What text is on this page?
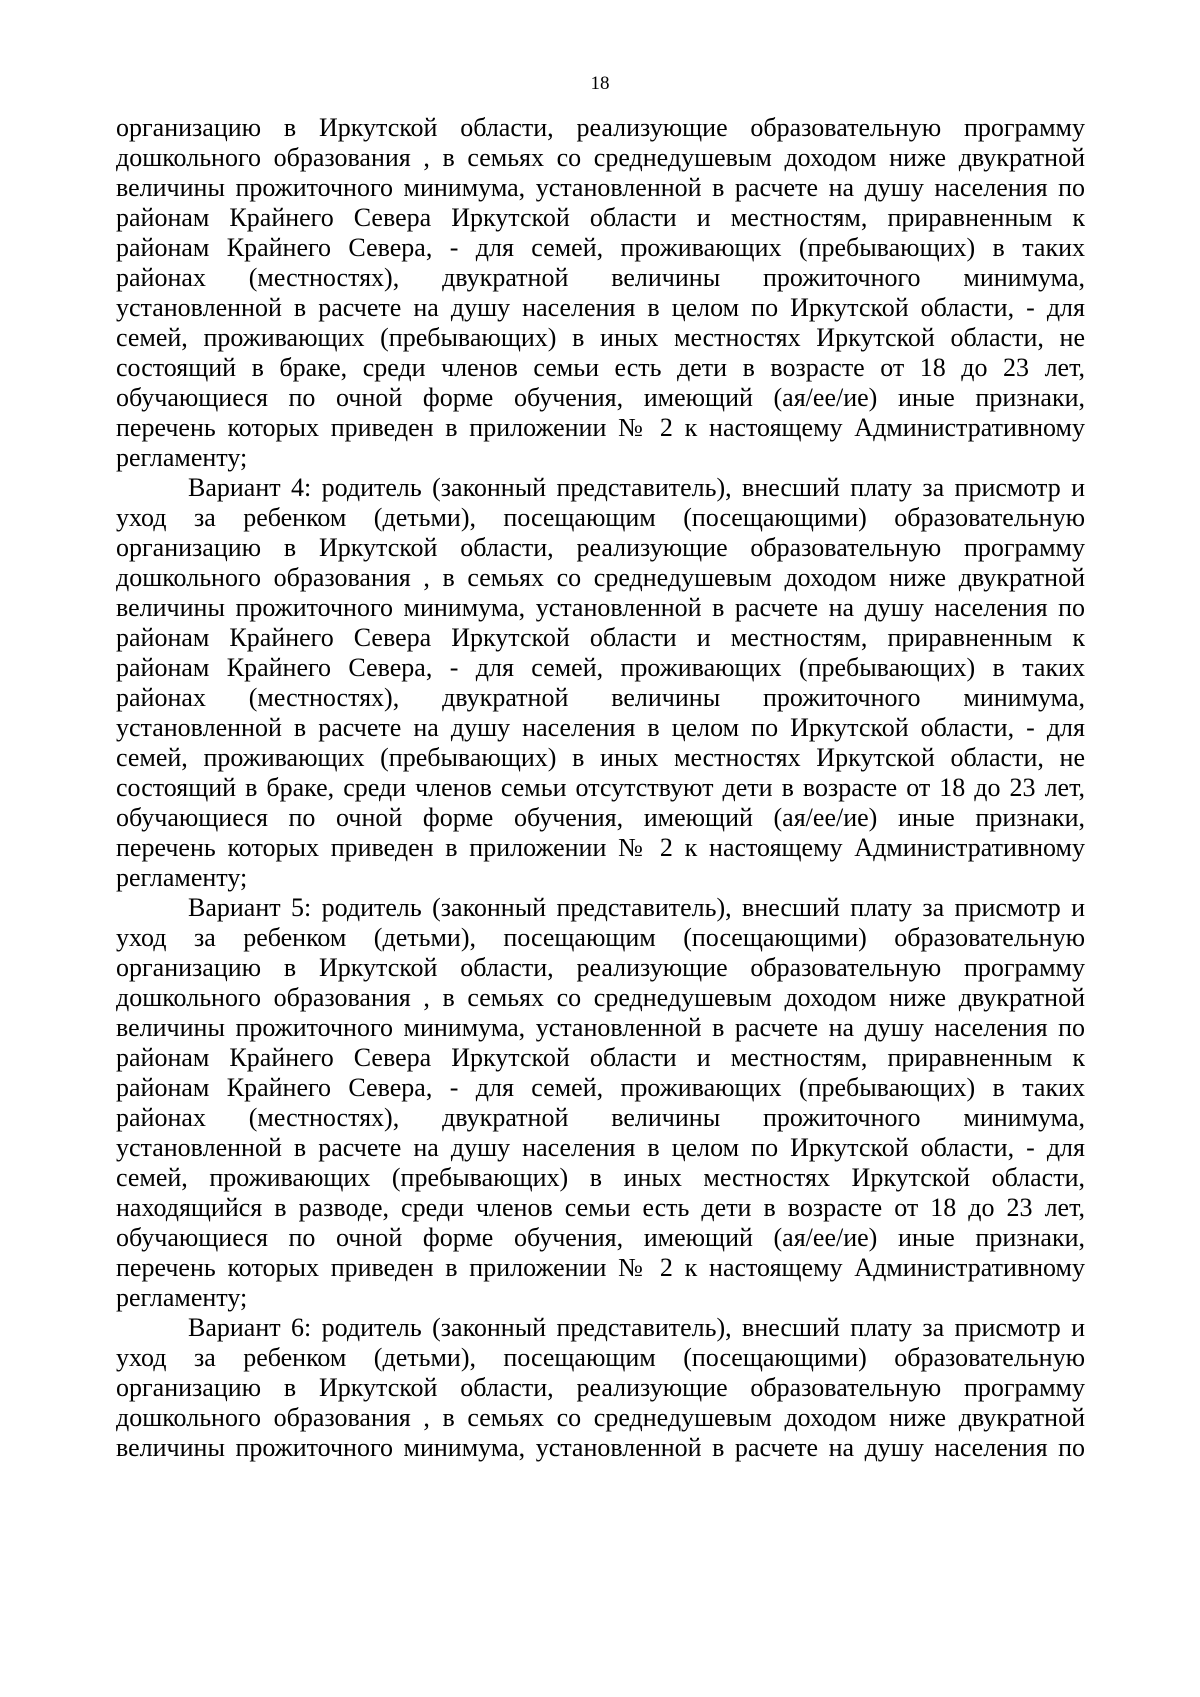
18
организацию в Иркутской области, реализующие образовательную программу
дошкольного образования , в семьях со среднедушевым доходом ниже двукратной
величины прожиточного минимума, установленной в расчете на душу населения по
районам Крайнего Севера Иркутской области и местностям, приравненным к
районам Крайнего Севера, - для семей, проживающих (пребывающих) в таких
районах (местностях), двукратной величины прожиточного минимума,
установленной в расчете на душу населения в целом по Иркутской области, - для
семей, проживающих (пребывающих) в иных местностях Иркутской области, не
состоящий в браке, среди членов семьи есть дети в возрасте от 18 до 23 лет,
обучающиеся по очной форме обучения, имеющий (ая/ее/ие) иные признаки,
перечень которых приведен в приложении № 2 к настоящему Административному
регламенту;
Вариант 4: родитель (законный представитель), внесший плату за присмотр и
уход за ребенком (детьми), посещающим (посещающими) образовательную
организацию в Иркутской области, реализующие образовательную программу
дошкольного образования , в семьях со среднедушевым доходом ниже двукратной
величины прожиточного минимума, установленной в расчете на душу населения по
районам Крайнего Севера Иркутской области и местностям, приравненным к
районам Крайнего Севера, - для семей, проживающих (пребывающих) в таких
районах (местностях), двукратной величины прожиточного минимума,
установленной в расчете на душу населения в целом по Иркутской области, - для
семей, проживающих (пребывающих) в иных местностях Иркутской области, не
состоящий в браке, среди членов семьи отсутствуют дети в возрасте от 18 до 23 лет,
обучающиеся по очной форме обучения, имеющий (ая/ее/ие) иные признаки,
перечень которых приведен в приложении № 2 к настоящему Административному
регламенту;
Вариант 5: родитель (законный представитель), внесший плату за присмотр и
уход за ребенком (детьми), посещающим (посещающими) образовательную
организацию в Иркутской области, реализующие образовательную программу
дошкольного образования , в семьях со среднедушевым доходом ниже двукратной
величины прожиточного минимума, установленной в расчете на душу населения по
районам Крайнего Севера Иркутской области и местностям, приравненным к
районам Крайнего Севера, - для семей, проживающих (пребывающих) в таких
районах (местностях), двукратной величины прожиточного минимума,
установленной в расчете на душу населения в целом по Иркутской области, - для
семей, проживающих (пребывающих) в иных местностях Иркутской области,
находящийся в разводе, среди членов семьи есть дети в возрасте от 18 до 23 лет,
обучающиеся по очной форме обучения, имеющий (ая/ее/ие) иные признаки,
перечень которых приведен в приложении № 2 к настоящему Административному
регламенту;
Вариант 6: родитель (законный представитель), внесший плату за присмотр и
уход за ребенком (детьми), посещающим (посещающими) образовательную
организацию в Иркутской области, реализующие образовательную программу
дошкольного образования , в семьях со среднедушевым доходом ниже двукратной
величины прожиточного минимума, установленной в расчете на душу населения по
